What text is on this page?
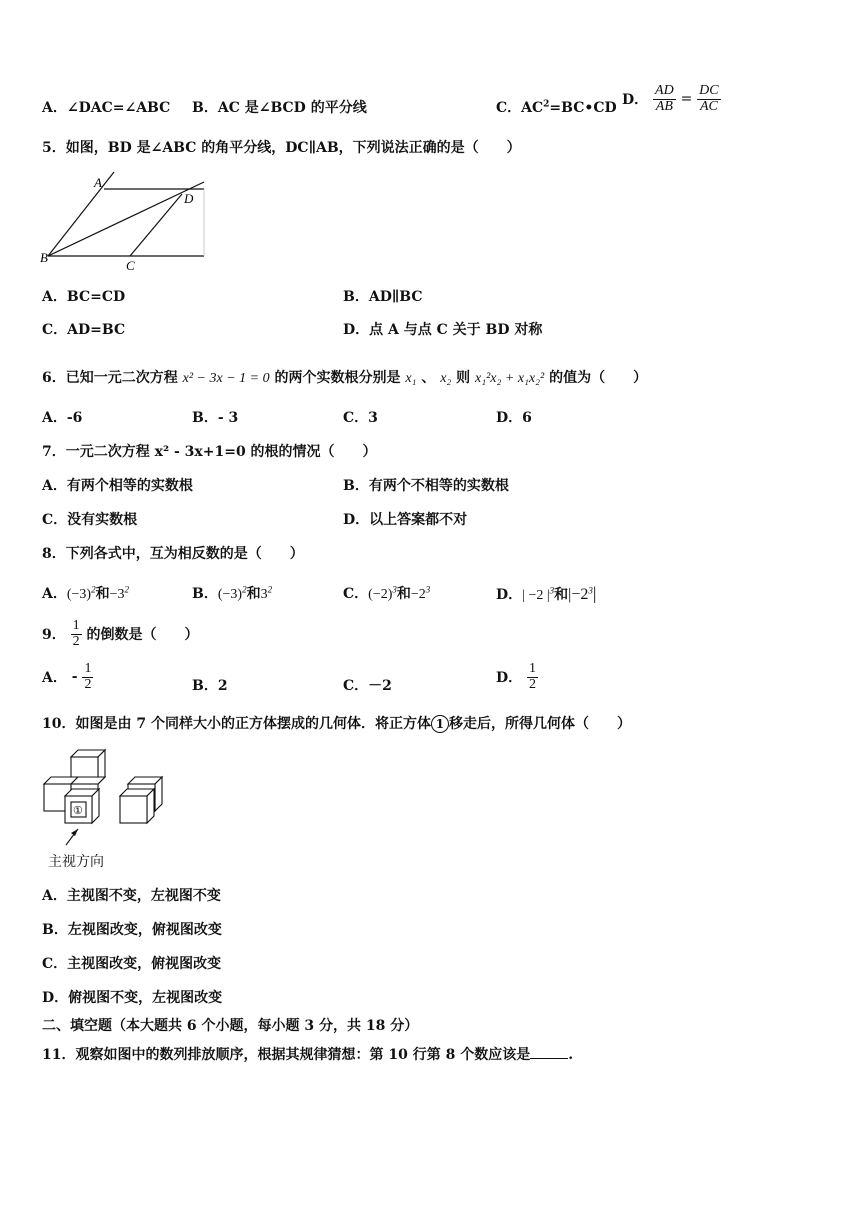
A．∠DAC=∠ABC B．AC 是∠BCD 的平分线	C．$AC^2=BC•CD$ D． $\frac{AD}{AB} = \frac{DC}{AC}$
5．如图，BD 是∠ABC 的角平分线，DC∥AB，下列说法正确的是（　　）
A
D
B
C
A．BC=CD	B．AD∥BC
C．AD=BC	D．点 A 与点 C 关于 BD 对称
6．已知一元二次方程 x² − 3x − 1 = 0 的两个实数根分别是 x₁ 、 x₂ 则 x₁²x₂ + x₁x₂² 的值为（　　）
A．-6	B．- 3	C．3	D．6
7．一元二次方程 x² - 3x+1=0 的根的情况（　　）
A．有两个相等的实数根	B．有两个不相等的实数根
C．没有实数根	D．以上答案都不对
8．下列各式中，互为相反数的是（　　）
A．$(-3)^2$和$-3^2$	B．$(-3)^2$和$3^2$	C．$(-2)^3$和$-2^3$	D．| −2 $|^3$和$|-2^3|$
9． $\frac{1}{2}$ 的倒数是（　　）
A． - $\frac{1}{2}$	B．2	C．－2	D． $\frac{1}{2}$
10．如图是由 7 个同样大小的正方体摆成的几何体．将正方体 1 移走后，所得几何体（　　）
①
主视方向
A．主视图不变，左视图不变
B．左视图改变，俯视图改变
C．主视图改变，俯视图改变
D．俯视图不变，左视图改变
二、填空题（本大题共 6 个小题，每小题 3 分，共 18 分）
11．观察如图中的数列排放顺序，根据其规律猜想：第 10 行第 8 个数应该是	.
